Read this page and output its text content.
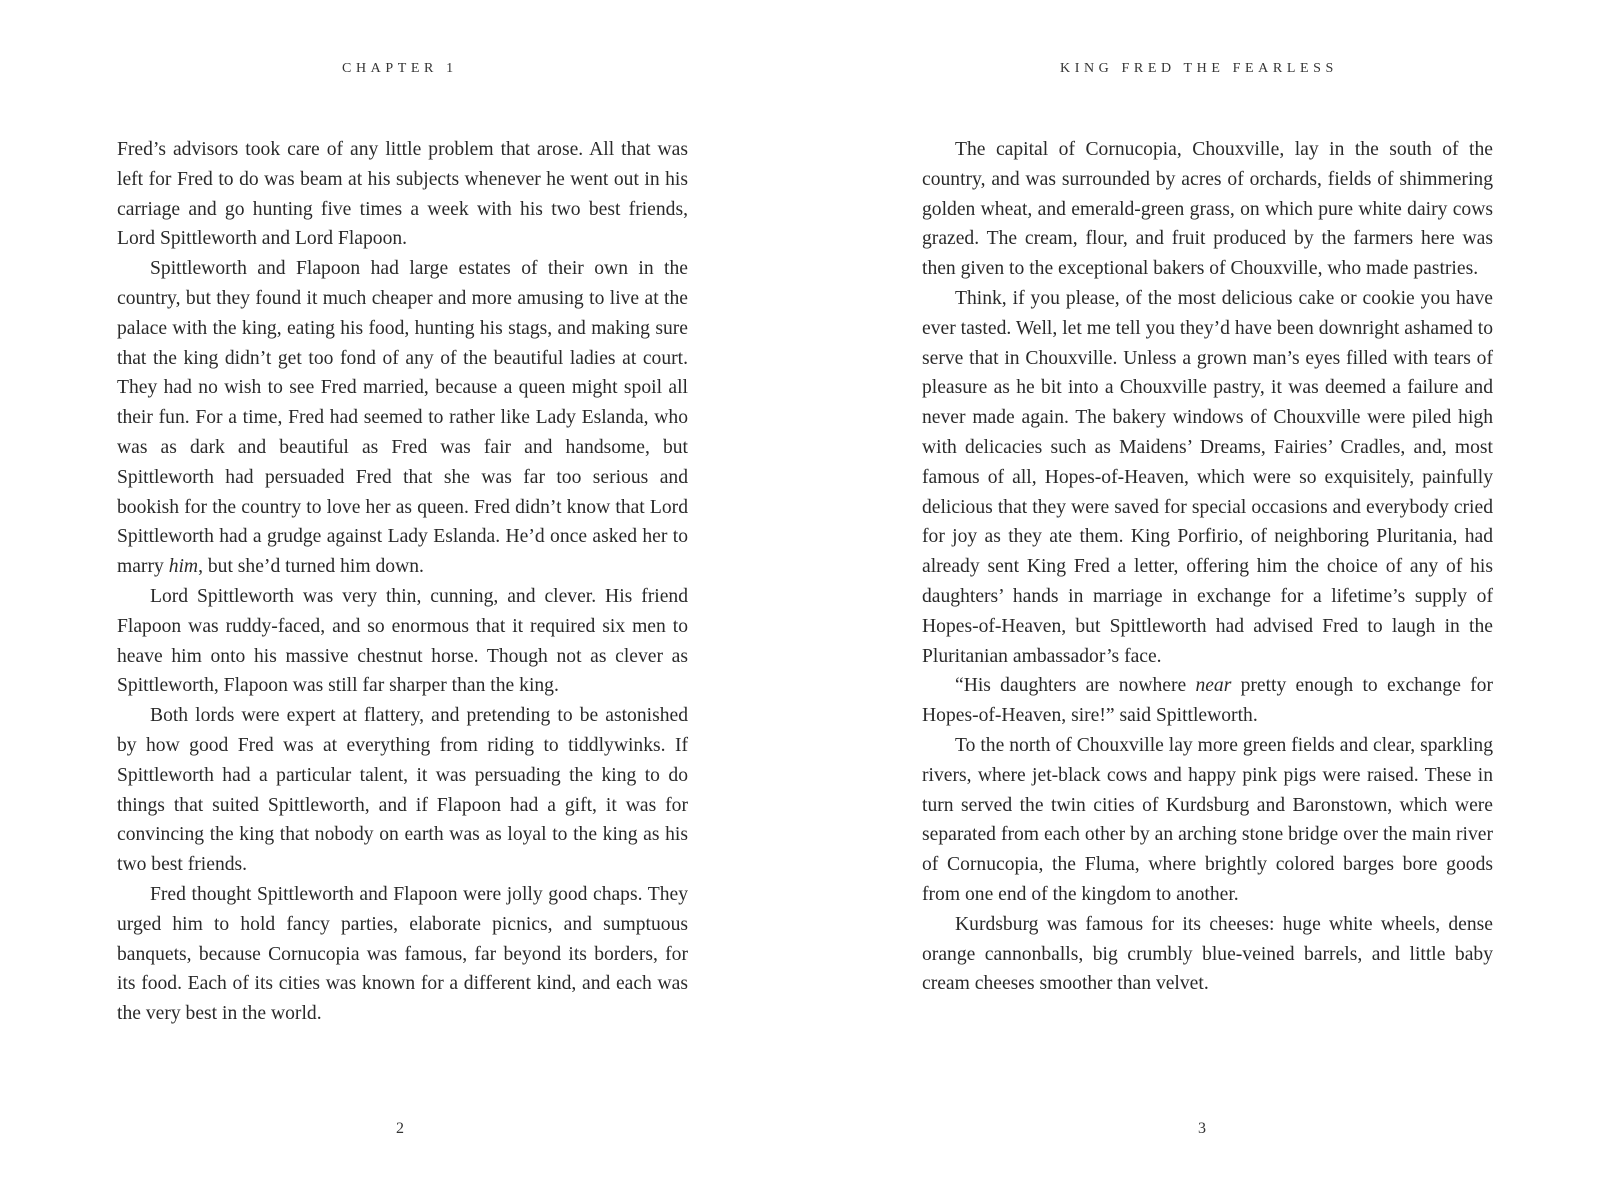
CHAPTER 1

Fred’s advisors took care of any little problem that arose. All that was left for Fred to do was beam at his subjects whenever he went out in his carriage and go hunting five times a week with his two best friends, Lord Spittleworth and Lord Flapoon.

Spittleworth and Flapoon had large estates of their own in the country, but they found it much cheaper and more amusing to live at the palace with the king, eating his food, hunting his stags, and making sure that the king didn’t get too fond of any of the beautiful ladies at court. They had no wish to see Fred married, because a queen might spoil all their fun. For a time, Fred had seemed to rather like Lady Eslanda, who was as dark and beautiful as Fred was fair and handsome, but Spittleworth had persuaded Fred that she was far too serious and bookish for the country to love her as queen. Fred didn’t know that Lord Spittleworth had a grudge against Lady Eslanda. He’d once asked her to marry him, but she’d turned him down.

Lord Spittleworth was very thin, cunning, and clever. His friend Flapoon was ruddy-faced, and so enormous that it required six men to heave him onto his massive chestnut horse. Though not as clever as Spittleworth, Flapoon was still far sharper than the king.

Both lords were expert at flattery, and pretending to be astonished by how good Fred was at everything from riding to tiddlywinks. If Spittleworth had a particular talent, it was persuading the king to do things that suited Spittleworth, and if Flapoon had a gift, it was for convincing the king that nobody on earth was as loyal to the king as his two best friends.

Fred thought Spittleworth and Flapoon were jolly good chaps. They urged him to hold fancy parties, elaborate picnics, and sumptuous banquets, because Cornucopia was famous, far beyond its borders, for its food. Each of its cities was known for a different kind, and each was the very best in the world.

2
KING FRED THE FEARLESS

The capital of Cornucopia, Chouxville, lay in the south of the country, and was surrounded by acres of orchards, fields of shimmering golden wheat, and emerald-green grass, on which pure white dairy cows grazed. The cream, flour, and fruit produced by the farmers here was then given to the exceptional bakers of Chouxville, who made pastries.

Think, if you please, of the most delicious cake or cookie you have ever tasted. Well, let me tell you they’d have been downright ashamed to serve that in Chouxville. Unless a grown man’s eyes filled with tears of pleasure as he bit into a Chouxville pastry, it was deemed a failure and never made again. The bakery windows of Chouxville were piled high with delicacies such as Maidens’ Dreams, Fairies’ Cradles, and, most famous of all, Hopes-of-Heaven, which were so exquisitely, painfully delicious that they were saved for special occasions and everybody cried for joy as they ate them. King Porfirio, of neighboring Pluritania, had already sent King Fred a letter, offering him the choice of any of his daughters’ hands in marriage in exchange for a lifetime’s supply of Hopes-of-Heaven, but Spittleworth had advised Fred to laugh in the Pluritanian ambassador’s face.

“His daughters are nowhere near pretty enough to exchange for Hopes-of-Heaven, sire!” said Spittleworth.

To the north of Chouxville lay more green fields and clear, sparkling rivers, where jet-black cows and happy pink pigs were raised. These in turn served the twin cities of Kurdsburg and Baronstown, which were separated from each other by an arching stone bridge over the main river of Cornucopia, the Fluma, where brightly colored barges bore goods from one end of the kingdom to another.

Kurdsburg was famous for its cheeses: huge white wheels, dense orange cannonballs, big crumbly blue-veined barrels, and little baby cream cheeses smoother than velvet.

3
